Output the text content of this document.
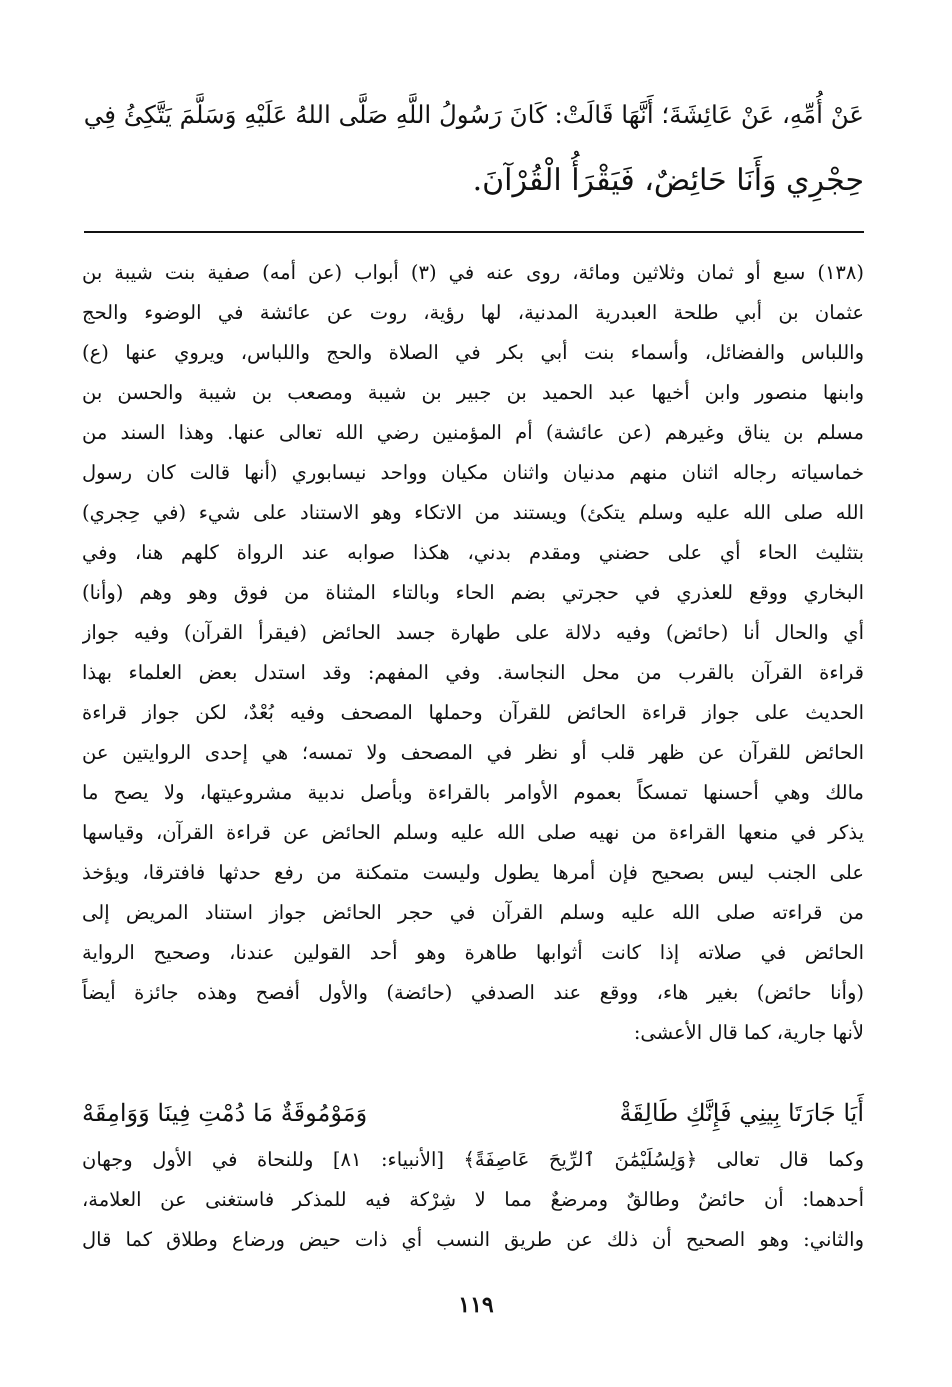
عَنْ أُمِّهِ، عَنْ عَائِشَةَ؛ أَنَّهَا قَالَتْ: كَانَ رَسُولُ اللَّهِ صَلَّى اللهُ عَلَيْهِ وَسَلَّمَ يَتَّكِئُ فِي
حِجْرِي وَأَنَا حَائِضٌ، فَيَقْرَأُ الْقُرْآنَ.

(١٣٨) سبع أو ثمان وثلاثين ومائة، روى عنه في (٣) أبواب (عن أمه) صفية بنت شيبة بن
عثمان بن أبي طلحة العبدرية المدنية، لها رؤية، روت عن عائشة في الوضوء والحج
واللباس والفضائل، وأسماء بنت أبي بكر في الصلاة والحج واللباس، ويروي عنها (ع)
وابنها منصور وابن أخيها عبد الحميد بن جبير بن شيبة ومصعب بن شيبة والحسن بن
مسلم بن يناق وغيرهم (عن عائشة) أم المؤمنين رضي الله تعالى عنها. وهذا السند من
خماسياته رجاله اثنان منهم مدنيان واثنان مكيان وواحد نيسابوري (أنها قالت كان رسول
الله صلى الله عليه وسلم يتكئ) ويستند من الاتكاء وهو الاستناد على شيء (في حِجري)
بتثليث الحاء أي على حضني ومقدم بدني، هكذا صوابه عند الرواة كلهم هنا، وفي
البخاري ووقع للعذري في حجرتي بضم الحاء وبالتاء المثناة من فوق وهو وهم (وأنا)
أي والحال أنا (حائض) وفيه دلالة على طهارة جسد الحائض (فيقرأ القرآن) وفيه جواز
قراءة القرآن بالقرب من محل النجاسة. وفي المفهم: وقد استدل بعض العلماء بهذا
الحديث على جواز قراءة الحائض للقرآن وحملها المصحف وفيه بُعْدٌ، لكن جواز قراءة
الحائض للقرآن عن ظهر قلب أو نظر في المصحف ولا تمسه؛ هي إحدى الروايتين عن
مالك وهي أحسنها تمسكاً بعموم الأوامر بالقراءة وبأصل ندبية مشروعيتها، ولا يصح ما
يذكر في منعها القراءة من نهيه صلى الله عليه وسلم الحائض عن قراءة القرآن، وقياسها
على الجنب ليس بصحيح فإن أمرها يطول وليست متمكنة من رفع حدثها فافترقا، ويؤخذ
من قراءته صلى الله عليه وسلم القرآن في حجر الحائض جواز استناد المريض إلى
الحائض في صلاته إذا كانت أثوابها طاهرة وهو أحد القولين عندنا، وصحيح الرواية
(وأنا حائض) بغير هاء، ووقع عند الصدفي (حائضة) والأول أفصح وهذه جائزة أيضاً
لأنها جارية، كما قال الأعشى:

أَيَا جَارَتَا بِينِي فَإِنَّكِ طَالِقَةْ
وَمَوْمُوقَةٌ مَا دُمْتِ فِينَا وَوَامِقَهْ

وكما قال تعالى ﴿وَلِسُلَيْمَٰنَ ٱلرِّيحَ عَاصِفَةً﴾ [الأنبياء: ٨١] وللنحاة في الأول وجهان
أحدهما: أن حائضٌ وطالقٌ ومرضعٌ مما لا شِرْكة فيه للمذكر فاستغنى عن العلامة،
والثاني: وهو الصحيح أن ذلك عن طريق النسب أي ذات حيض ورضاع وطلاق كما قال

١١٩
